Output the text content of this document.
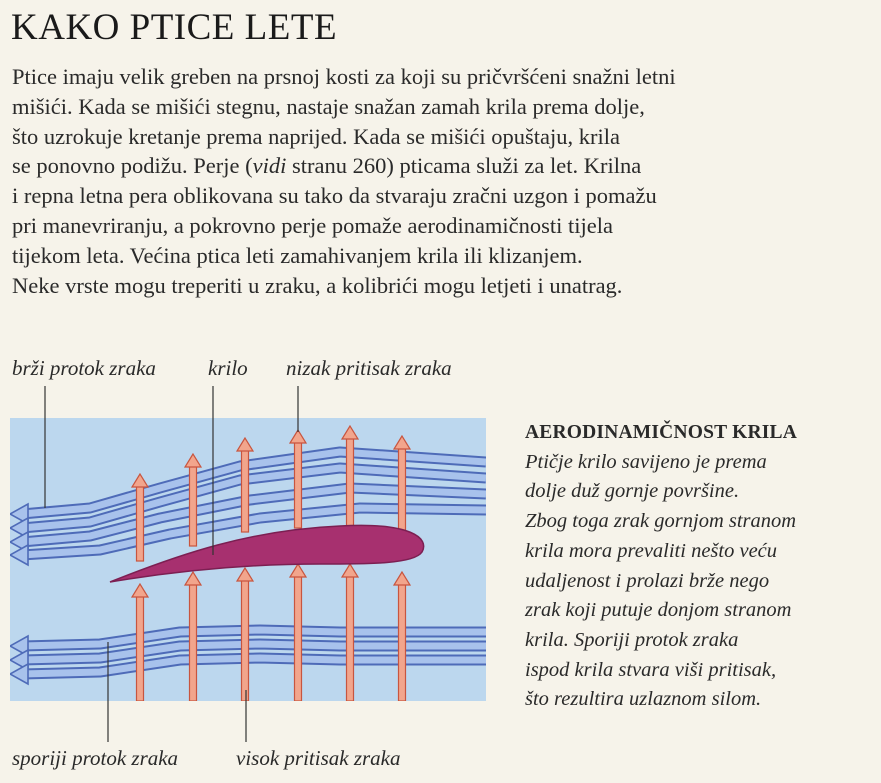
KAKO PTICE LETE

Ptice imaju velik greben na prsnoj kosti za koji su pričvršćeni snažni letni
mišići. Kada se mišići stegnu, nastaje snažan zamah krila prema dolje,
što uzrokuje kretanje prema naprijed. Kada se mišići opuštaju, krila
se ponovno podižu. Perje (vidi stranu 260) pticama služi za let. Krilna
i repna letna pera oblikovana su tako da stvaraju zračni uzgon i pomažu
pri manevriranju, a pokrovno perje pomaže aerodinamičnosti tijela
tijekom leta. Većina ptica leti zamahivanjem krila ili klizanjem.
Neke vrste mogu treperiti u zraku, a kolibrići mogu letjeti i unatrag.

brži protok zraka krilo nizak pritisak zraka
sporiji protok zraka	visok pritisak zraka
AERODINAMIČNOST KRILA
Ptičje krilo savijeno je prema
dolje duž gornje površine.
Zbog toga zrak gornjom stranom
krila mora prevaliti nešto veću
udaljenost i prolazi brže nego
zrak koji putuje donjom stranom
krila. Sporiji protok zraka
ispod krila stvara viši pritisak,
što rezultira uzlaznom silom.
